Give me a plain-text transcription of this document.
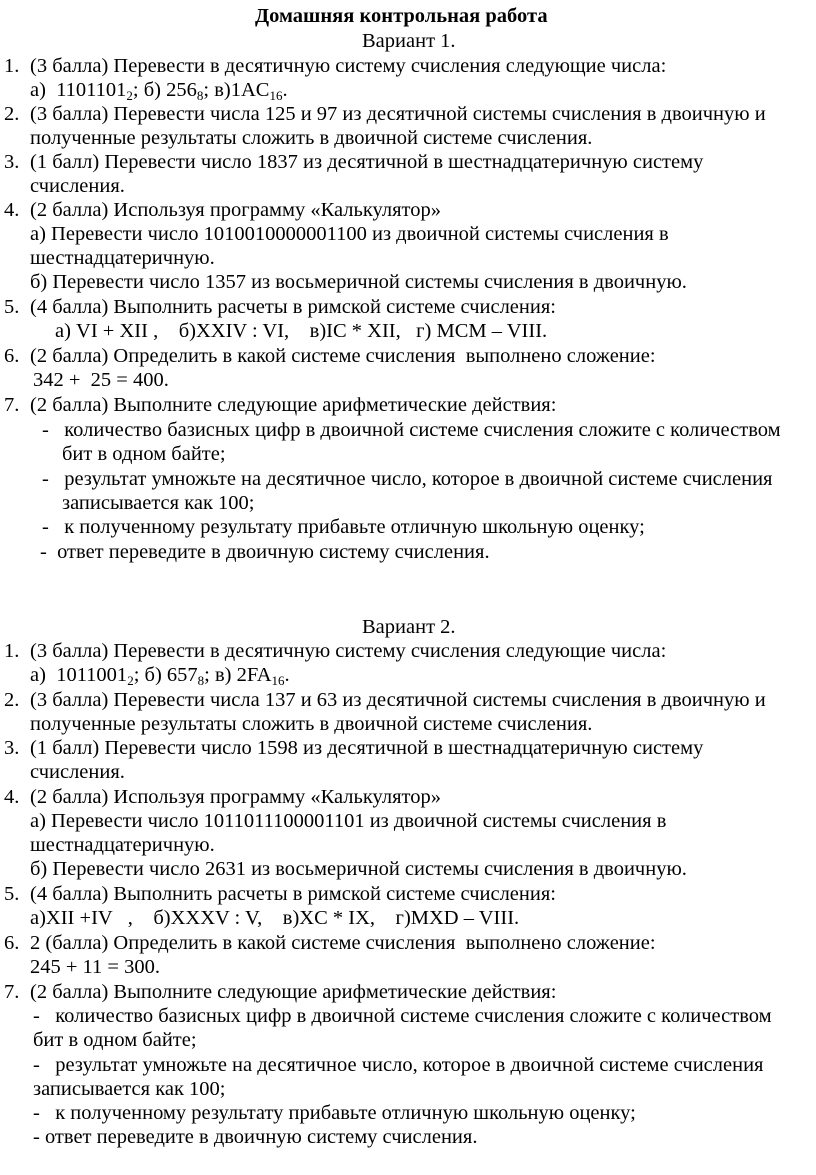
Домашняя контрольная работа
Вариант 1.
1. (3 балла) Перевести в десятичную систему счисления следующие числа:
а)  $1101101_2$; б) $256_8$; $в)1AC_{16}$.
2. (3 балла) Перевести числа 125 и 97 из десятичной системы счисления в двоичную и
полученные результаты сложить в двоичной системе счисления.
3. (1 балл) Перевести число 1837 из десятичной в шестнадцатеричную систему
счисления.
4. (2 балла) Используя программу «Калькулятор»
а) Перевести число 1010010000001100 из двоичной системы счисления в
шестнадцатеричную.
б) Перевести число 1357 из восьмеричной системы счисления в двоичную.
5. (4 балла) Выполнить расчеты в римской системе счисления:
а) VI + XII ,    б)XXIV : VI,    в)IC * XII,   г) MCM – VIII.
6. (2 балла) Определить в какой системе счисления  выполнено сложение:
342 +  25 = 400.
7. (2 балла) Выполните следующие арифметические действия:
-   количество базисных цифр в двоичной системе счисления сложите с количеством
бит в одном байте;
-   результат умножьте на десятичное число, которое в двоичной системе счисления
записывается как 100;
-   к полученному результату прибавьте отличную школьную оценку;
-  ответ переведите в двоичную систему счисления.
Вариант 2.
1. (3 балла) Перевести в десятичную систему счисления следующие числа:
а)  $1011001_2$; б) $657_8$; в) $2FA_{16}$.
2. (3 балла) Перевести числа 137 и 63 из десятичной системы счисления в двоичную и
полученные результаты сложить в двоичной системе счисления.
3. (1 балл) Перевести число 1598 из десятичной в шестнадцатеричную систему
счисления.
4. (2 балла) Используя программу «Калькулятор»
а) Перевести число 1011011100001101 из двоичной системы счисления в
шестнадцатеричную.
б) Перевести число 2631 из восьмеричной системы счисления в двоичную.
5. (4 балла) Выполнить расчеты в римской системе счисления:
а)XII +IV   ,    б)XXXV : V,    в)XC * IX,    г)MXD – VIII.
6. 2 (балла) Определить в какой системе счисления  выполнено сложение:
245 + 11 = 300.
7. (2 балла) Выполните следующие арифметические действия:
-   количество базисных цифр в двоичной системе счисления сложите с количеством
бит в одном байте;
-   результат умножьте на десятичное число, которое в двоичной системе счисления
записывается как 100;
-   к полученному результату прибавьте отличную школьную оценку;
- ответ переведите в двоичную систему счисления.
